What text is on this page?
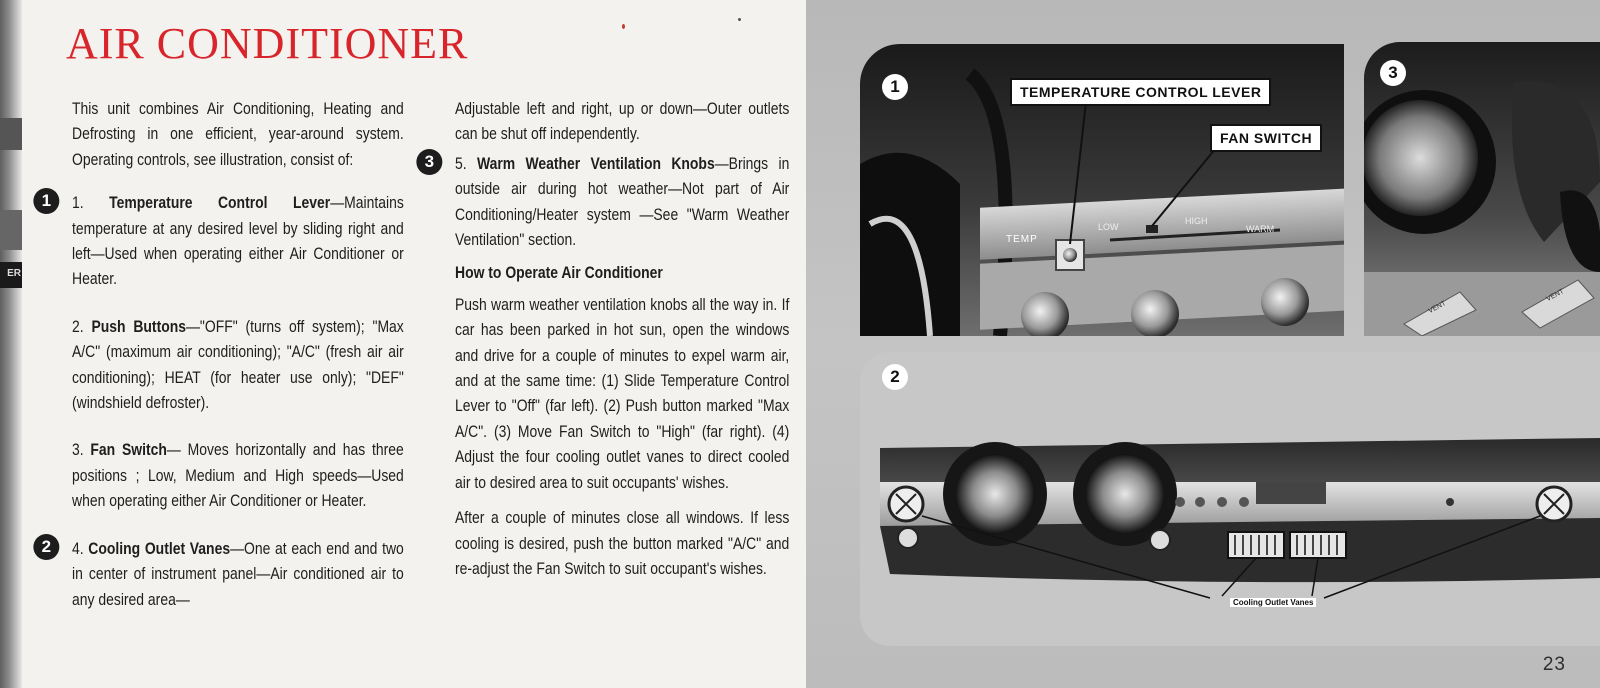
ER
AIR CONDITIONER

This unit combines Air Conditioning, Heating and Defrosting in one efficient, year-around system. Operating controls, see illustration, consist of:

1	1. Temperature Control Lever—Maintains temperature at any desired level by sliding right and left—Used when operating either Air Conditioner or Heater.

2. Push Buttons—"OFF" (turns off system); "Max A/C" (maximum air conditioning); "A/C" (fresh air air conditioning); HEAT (for heater use only); "DEF" (windshield defroster).

3. Fan Switch— Moves horizontally and has three positions ; Low, Medium and High speeds—Used when operating either Air Conditioner or Heater.

2	4. Cooling Outlet Vanes—One at each end and two in center of instrument panel—Air conditioned air to any desired area—

Adjustable left and right, up or down—Outer outlets can be shut off independently.

3	5. Warm Weather Ventilation Knobs—Brings in outside air during hot weather—Not part of Air Conditioning/Heater system —See "Warm Weather Ventilation" section.

How to Operate Air Conditioner

Push warm weather ventilation knobs all the way in. If car has been parked in hot sun, open the windows and drive for a couple of minutes to expel warm air, and at the same time: (1) Slide Temperature Control Lever to "Off" (far left). (2) Push button marked "Max A/C". (3) Move Fan Switch to "High" (far right). (4) Adjust the four cooling outlet vanes to direct cooled air to desired area to suit occupants' wishes.

After a couple of minutes close all windows. If less cooling is desired, push the button marked "A/C" and re-adjust the Fan Switch to suit occupant's wishes.

1	TEMPERATURE CONTROL LEVER
FAN SWITCH
TEMP
LOW
HIGH
WARM
3
VENT
VENT
2
Cooling Outlet Vanes
23
